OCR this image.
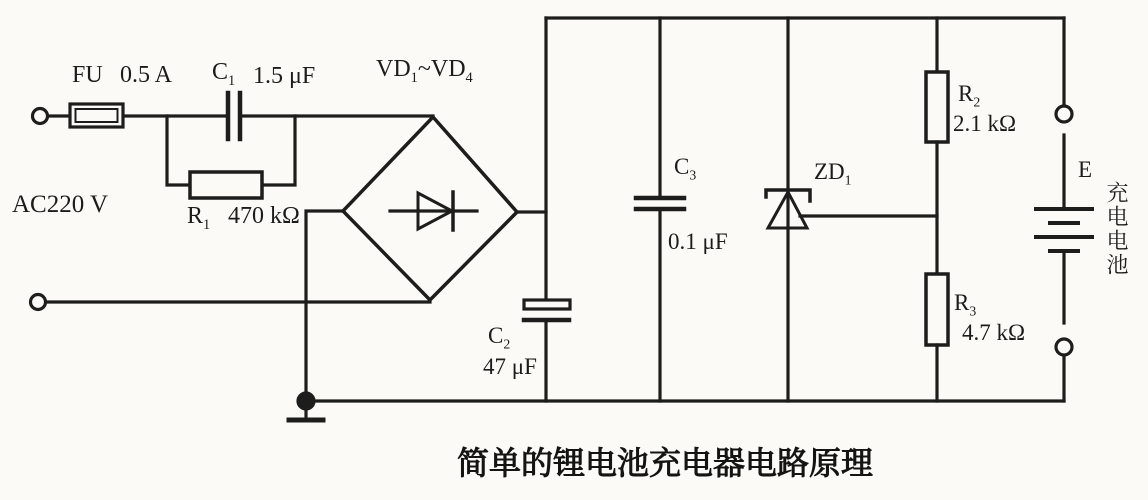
FU 0.5 A $C_1$ 1.5 μF	$VD_1\sim VD_4$
AC220 V	$R_1$ 470 kΩ
$C_2$
47 μF
$C_3$
0.1 μF
$ZD_1$
$R_2$
2.1 kΩ
$R_3$
4.7 kΩ
E
充电电池
简单的锂电池充电器电路原理
